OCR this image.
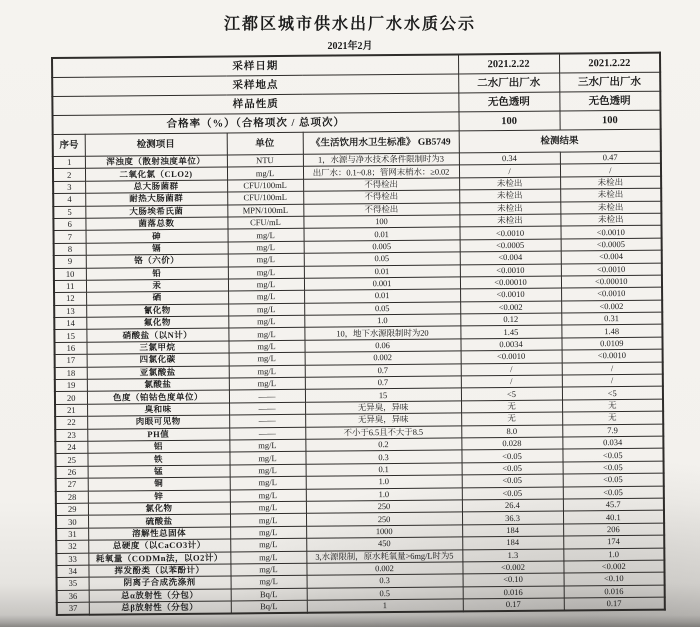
江都区城市供水出厂水水质公示
2021年2月
采样日期				2021.2.22	2021.2.22
采样地点				二水厂出厂水	三水厂出厂水
样品性质				无色透明	无色透明
合格率（%）（合格项次 / 总项次）				100	100
序号	检测项目	单位	《生活饮用水卫生标准》 GB5749	检测结果	
1	浑浊度（散射浊度单位）	NTU	1，水源与净水技术条件限制时为3	0.34	0.47
2	二氧化氯（CLO2)	mg/L	出厂水：0.1~0.8；管网末梢水：≥0.02	/	/
3	总大肠菌群	CFU/100mL	不得检出	未检出	未检出
4	耐热大肠菌群	CFU/100mL	不得检出	未检出	未检出
5	大肠埃希氏菌	MPN/100mL	不得检出	未检出	未检出
6	菌落总数	CFU/mL	100	未检出	未检出
7	砷	mg/L	0.01	<0.0010	<0.0010
8	镉	mg/L	0.005	<0.0005	<0.0005
9	铬（六价）	mg/L	0.05	<0.004	<0.004
10	铅	mg/L	0.01	<0.0010	<0.0010
11	汞	mg/L	0.001	<0.00010	<0.00010
12	硒	mg/L	0.01	<0.0010	<0.0010
13	氰化物	mg/L	0.05	<0.002	<0.002
14	氟化物	mg/L	1.0	0.12	0.31
15	硝酸盐（以N计）	mg/L	10，地下水源限制时为20	1.45	1.48
16	三氯甲烷	mg/L	0.06	0.0034	0.0109
17	四氯化碳	mg/L	0.002	<0.0010	<0.0010
18	亚氯酸盐	mg/L	0.7	/	/
19	氯酸盐	mg/L	0.7	/	/
20	色度（铂钴色度单位）	——	15	<5	<5
21	臭和味	——	无异臭，异味	无	无
22	肉眼可见物	——	无异臭，异味	无	无
23	PH值	——	不小于6.5且不大于8.5	8.0	7.9
24	铝	mg/L	0.2	0.028	0.034
25	铁	mg/L	0.3	<0.05	<0.05
26	锰	mg/L	0.1	<0.05	<0.05
27	铜	mg/L	1.0	<0.05	<0.05
28	锌	mg/L	1.0	<0.05	<0.05
29	氯化物	mg/L	250	26.4	45.7
30	硫酸盐	mg/L	250	36.3	40.1
31	溶解性总固体	mg/L	1000	184	206
32	总硬度（以CaCO3计）	mg/L	450	184	174
33	耗氧量（CODMn法，以O2计）	mg/L	3,水源限制，原水耗氧量>6mg/L时为5	1.3	1.0
34	挥发酚类（以苯酚计）	mg/L	0.002	<0.002	<0.002
35	阴离子合成洗涤剂	mg/L	0.3	<0.10	<0.10
36	总α放射性（分包）	Bq/L	0.5	0.016	0.016
37	总β放射性（分包）	Bq/L	1	0.17	0.17
